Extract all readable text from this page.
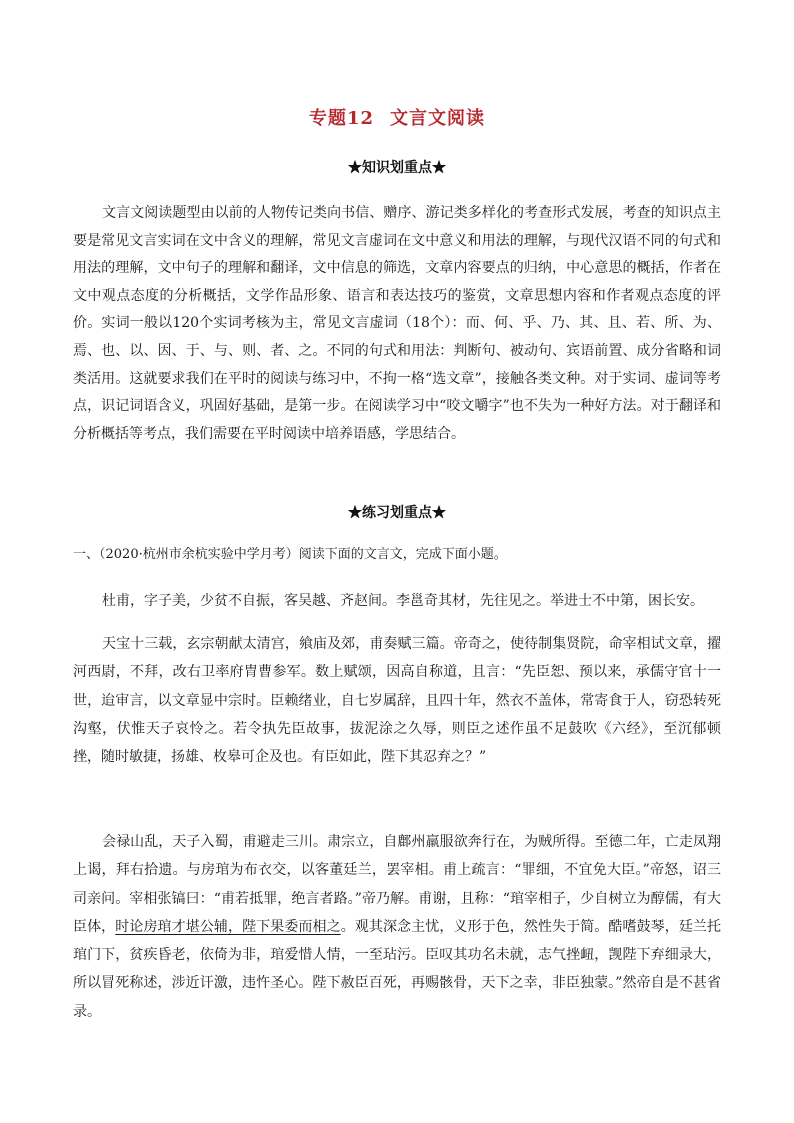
专题12 文言文阅读
★知识划重点★

文言文阅读题型由以前的人物传记类向书信、赠序、游记类多样化的考查形式发展，考查的知识点主要是常见文言实词在文中含义的理解，常见文言虚词在文中意义和用法的理解，与现代汉语不同的句式和用法的理解，文中句子的理解和翻译，文中信息的筛选，文章内容要点的归纳，中心意思的概括，作者在文中观点态度的分析概括，文学作品形象、语言和表达技巧的鉴赏，文章思想内容和作者观点态度的评价。实词一般以120个实词考核为主，常见文言虚词（18个）：而、何、乎、乃、其、且、若、所、为、焉、也、以、因、于、与、则、者、之。不同的句式和用法：判断句、被动句、宾语前置、成分省略和词类活用。这就要求我们在平时的阅读与练习中，不拘一格“选文章”，接触各类文种。对于实词、虚词等考点，识记词语含义，巩固好基础，是第一步。在阅读学习中“咬文嚼字”也不失为一种好方法。对于翻译和分析概括等考点，我们需要在平时阅读中培养语感，学思结合。

★练习划重点★

一、（2020·杭州市余杭实验中学月考）阅读下面的文言文，完成下面小题。

杜甫，字子美，少贫不自振，客吴越、齐赵间。李邕奇其材，先往见之。举进士不中第，困长安。

天宝十三载，玄宗朝献太清宫，飨庙及郊，甫奏赋三篇。帝奇之，使待制集贤院，命宰相试文章，擢河西尉，不拜，改右卫率府胄曹参军。数上赋颂，因高自称道，且言：“先臣恕、预以来，承儒守官十一世，迨审言，以文章显中宗时。臣赖绪业，自七岁属辞，且四十年，然衣不盖体，常寄食于人，窃恐转死沟壑，伏惟天子哀怜之。若令执先臣故事，拔泥涂之久辱，则臣之述作虽不足鼓吹《六经》，至沉郁顿挫，随时敏捷，扬雄、枚皋可企及也。有臣如此，陛下其忍弃之？”

会禄山乱，天子入蜀，甫避走三川。肃宗立，自鄜州羸服欲奔行在，为贼所得。至德二年，亡走凤翔上谒，拜右拾遗。与房琯为布衣交，以客董廷兰，罢宰相。甫上疏言：“罪细，不宜免大臣。”帝怒，诏三司亲问。宰相张镐曰：“甫若抵罪，绝言者路。”帝乃解。甫谢，且称：“琯宰相子，少自树立为醇儒，有大臣体，时论房琯才堪公辅，陛下果委而相之。观其深念主忧，义形于色，然性失于简。酷嗜鼓琴，廷兰托琯门下，贫疾昏老，依倚为非，琯爱惜人情，一至玷污。臣叹其功名未就，志气挫衄，觊陛下弃细录大，所以冒死称述，涉近讦激，违忤圣心。陛下赦臣百死，再赐骸骨，天下之幸，非臣独蒙。”然帝自是不甚省录。
